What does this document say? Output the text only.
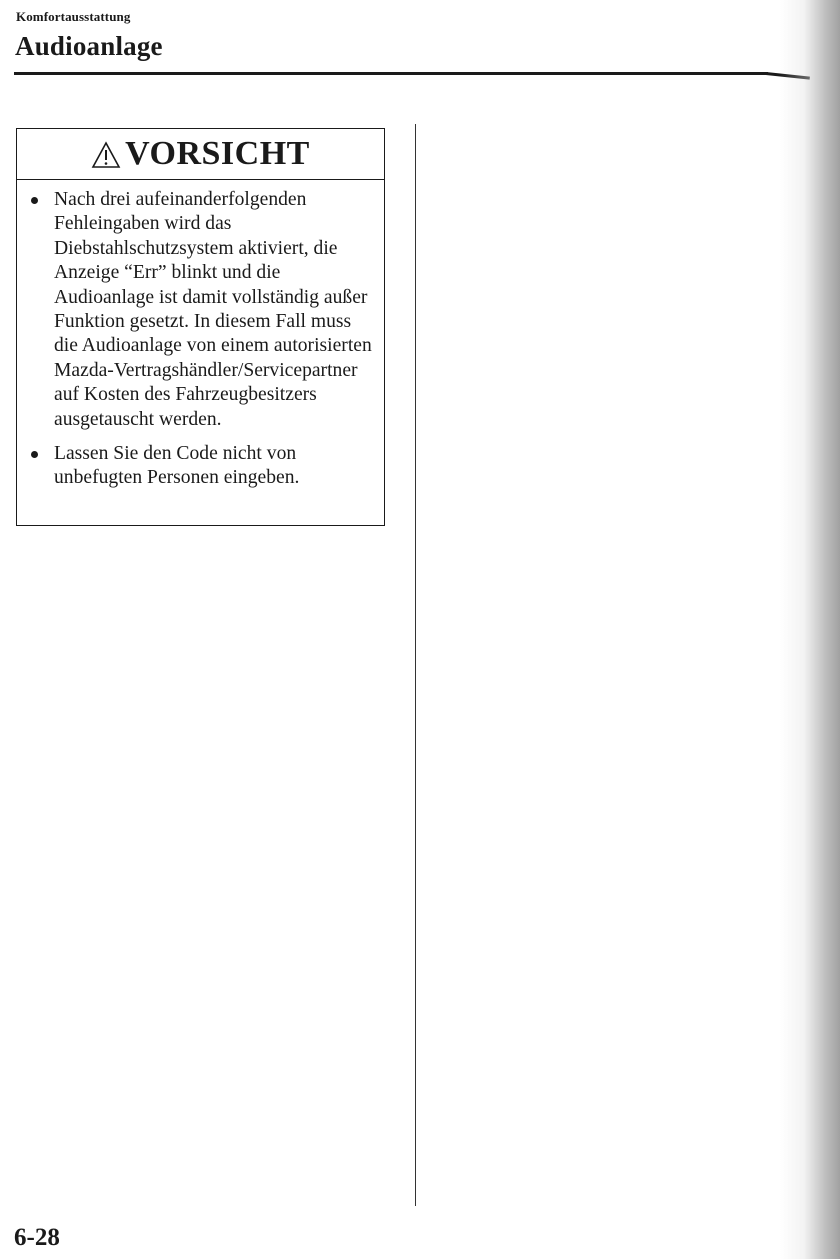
Komfortausstattung
Audioanlage
VORSICHT
Nach drei aufeinanderfolgenden Fehleingaben wird das Diebstahlschutzsystem aktiviert, die Anzeige “Err” blinkt und die Audioanlage ist damit vollständig außer Funktion gesetzt. In diesem Fall muss die Audioanlage von einem autorisierten Mazda-Vertragshändler/Servicepartner auf Kosten des Fahrzeugbesitzers ausgetauscht werden.
Lassen Sie den Code nicht von unbefugten Personen eingeben.
6-28
